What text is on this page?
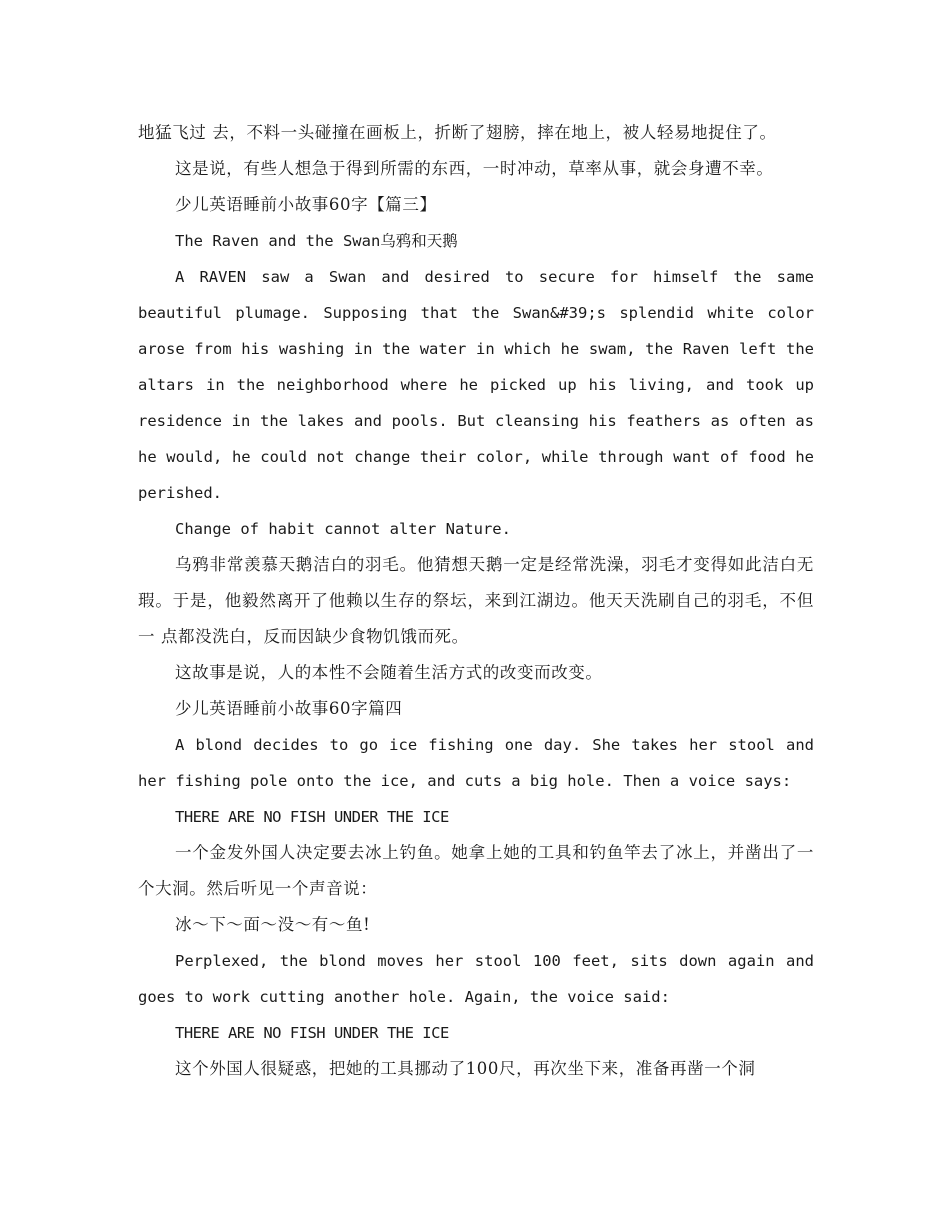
地猛飞过 去，不料一头碰撞在画板上，折断了翅膀，摔在地上，被人轻易地捉住了。

这是说，有些人想急于得到所需的东西，一时冲动，草率从事，就会身遭不幸。

少儿英语睡前小故事60字【篇三】

The Raven and the Swan乌鸦和天鹅

A RAVEN saw a Swan and desired to secure for himself the same beautiful plumage. Supposing that the Swan&#39;s splendid white color arose from his washing in the water in which he swam, the Raven left the altars in the neighborhood where he picked up his living, and took up residence in the lakes and pools. But cleansing his feathers as often as he would, he could not change their color, while through want of food he perished.

Change of habit cannot alter Nature.

乌鸦非常羡慕天鹅洁白的羽毛。他猜想天鹅一定是经常洗澡，羽毛才变得如此洁白无 瑕。于是，他毅然离开了他赖以生存的祭坛，来到江湖边。他天天洗刷自己的羽毛，不但一 点都没洗白，反而因缺少食物饥饿而死。

这故事是说，人的本性不会随着生活方式的改变而改变。

少儿英语睡前小故事60字篇四

A blond decides to go ice fishing one day. She takes her stool and her fishing pole onto the ice, and cuts a big hole. Then a voice says:

THERE ARE NO FISH UNDER THE ICE

一个金发外国人决定要去冰上钓鱼。她拿上她的工具和钓鱼竿去了冰上，并凿出了一个大洞。然后听见一个声音说：

冰～下～面～没～有～鱼!

Perplexed, the blond moves her stool 100 feet, sits down again and goes to work cutting another hole. Again, the voice said:

THERE ARE NO FISH UNDER THE ICE

这个外国人很疑惑，把她的工具挪动了100尺，再次坐下来，准备再凿一个洞
